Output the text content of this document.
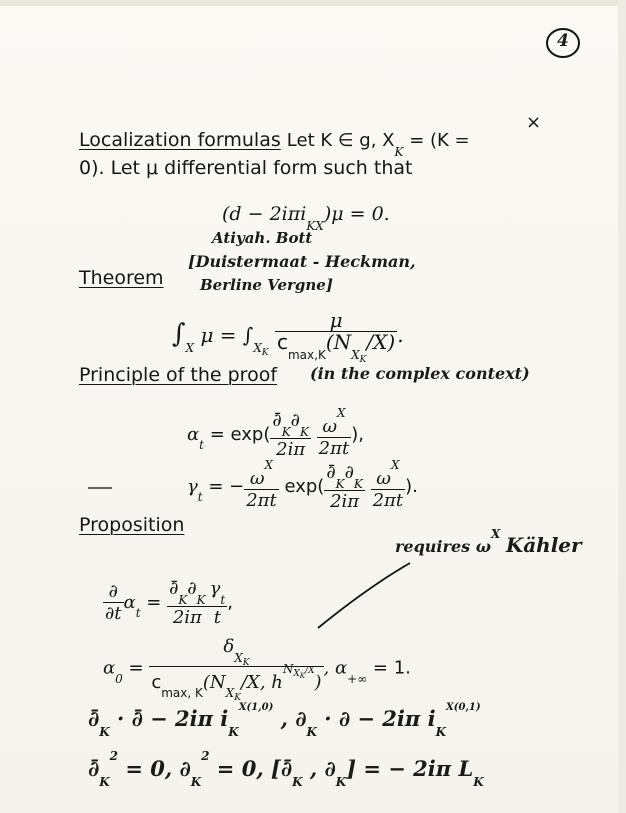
4
Localization formulas Let K ∈ g, $X_K = (K$ =
×
0). Let μ differential form such that
(d − 2iπi$_{KX}$)μ = 0.
Atiyah. Bott
[Duistermaat - Heckman,
Berline Vergne]
Theorem
$\int_X$ $\mu = \int_{XK} \frac{\mu}{c_{max,K}(N_{XK}/X)}$ .
Principle of the proof (in the complex context)
$\alpha_t = \exp( \frac{\partial̄_K\partial_K}{2i\pi}$
$\frac{\omega^X}{2\pi t}$ ),
$\gamma_t$ = − $\frac{\omega^X}{2\pi t} \exp( \frac{\partial̄_K\partial_K}{2i\pi}$
$\frac{\omega^X}{2\pi t}$ ).
Proposition
requires $\omega^X$ Kähler
$\frac{\partial}{\partial t} \alpha_t = \frac{\partial̄_K\partial_K}{2i\pi} \frac{\gamma_t}{t}$ ,
$\alpha_0 = \frac{\delta_{XK}}{c_{max, K}(N_{XK}/X, h^{NXK/X})}$ , $\alpha_{+\infty} = 1$.
$\partial̄_K$ · ∂̄ − 2iπ $i_K^{X(1,0)}$ , $\partial_K$ · ∂ − 2iπ $i_K^{X(0,1)}$
$\partial̄_K^2 = 0$, $\partial_K^2 = 0$, [$\partial̄_K$ , $\partial_K$] = − 2iπ $L_K$
